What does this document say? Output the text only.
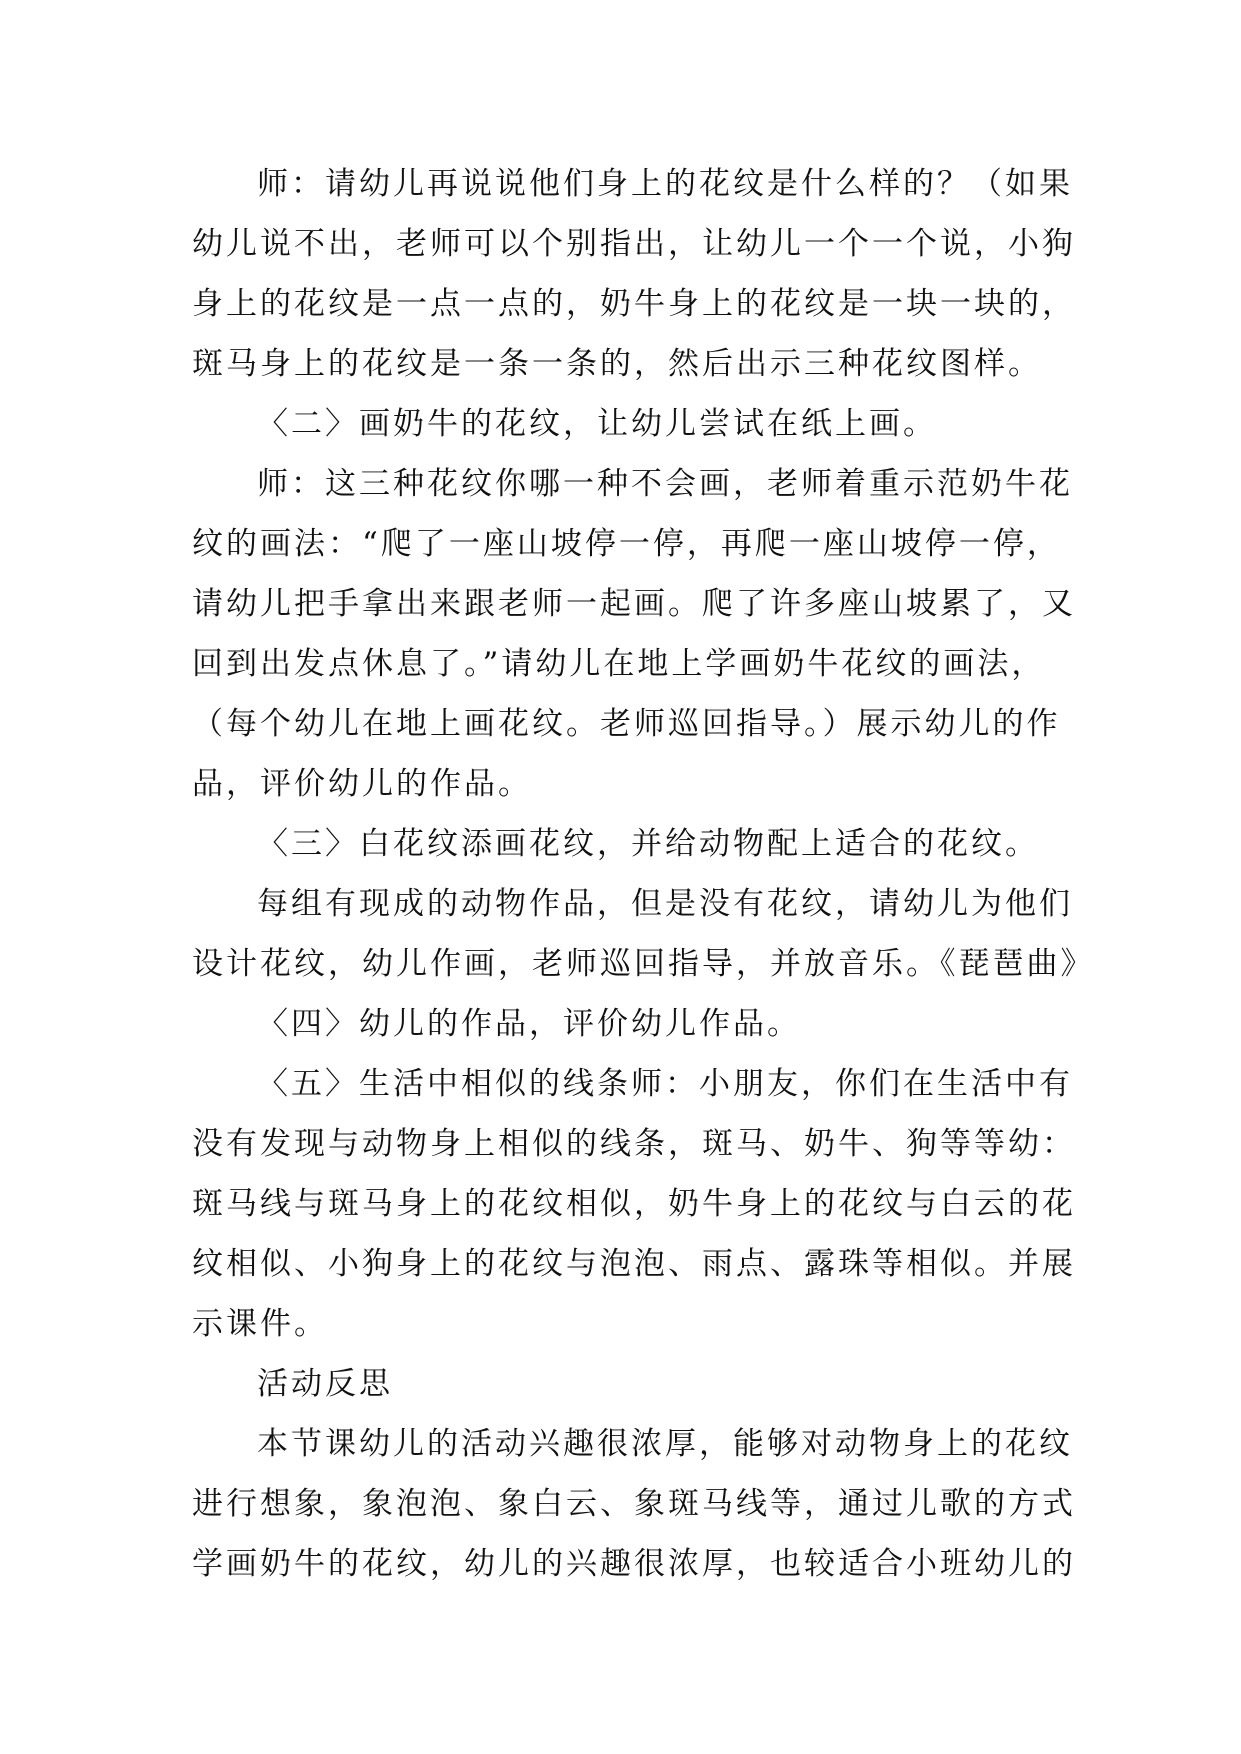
师：请幼儿再说说他们身上的花纹是什么样的？（如果
幼儿说不出，老师可以个别指出，让幼儿一个一个说，小狗
身上的花纹是一点一点的，奶牛身上的花纹是一块一块的，
斑马身上的花纹是一条一条的，然后出示三种花纹图样。
〈二〉画奶牛的花纹，让幼儿尝试在纸上画。
师：这三种花纹你哪一种不会画，老师着重示范奶牛花
纹的画法：“爬了一座山坡停一停，再爬一座山坡停一停，
请幼儿把手拿出来跟老师一起画。爬了许多座山坡累了，又
回到出发点休息了。”请幼儿在地上学画奶牛花纹的画法，
（每个幼儿在地上画花纹。老师巡回指导。）展示幼儿的作
品，评价幼儿的作品。
〈三〉白花纹添画花纹，并给动物配上适合的花纹。
每组有现成的动物作品，但是没有花纹，请幼儿为他们
设计花纹，幼儿作画，老师巡回指导，并放音乐。《琵琶曲》
〈四〉幼儿的作品，评价幼儿作品。
〈五〉生活中相似的线条师：小朋友，你们在生活中有
没有发现与动物身上相似的线条，斑马、奶牛、狗等等幼：
斑马线与斑马身上的花纹相似，奶牛身上的花纹与白云的花
纹相似、小狗身上的花纹与泡泡、雨点、露珠等相似。并展
示课件。
活动反思
本节课幼儿的活动兴趣很浓厚，能够对动物身上的花纹
进行想象，象泡泡、象白云、象斑马线等，通过儿歌的方式
学画奶牛的花纹，幼儿的兴趣很浓厚，也较适合小班幼儿的
